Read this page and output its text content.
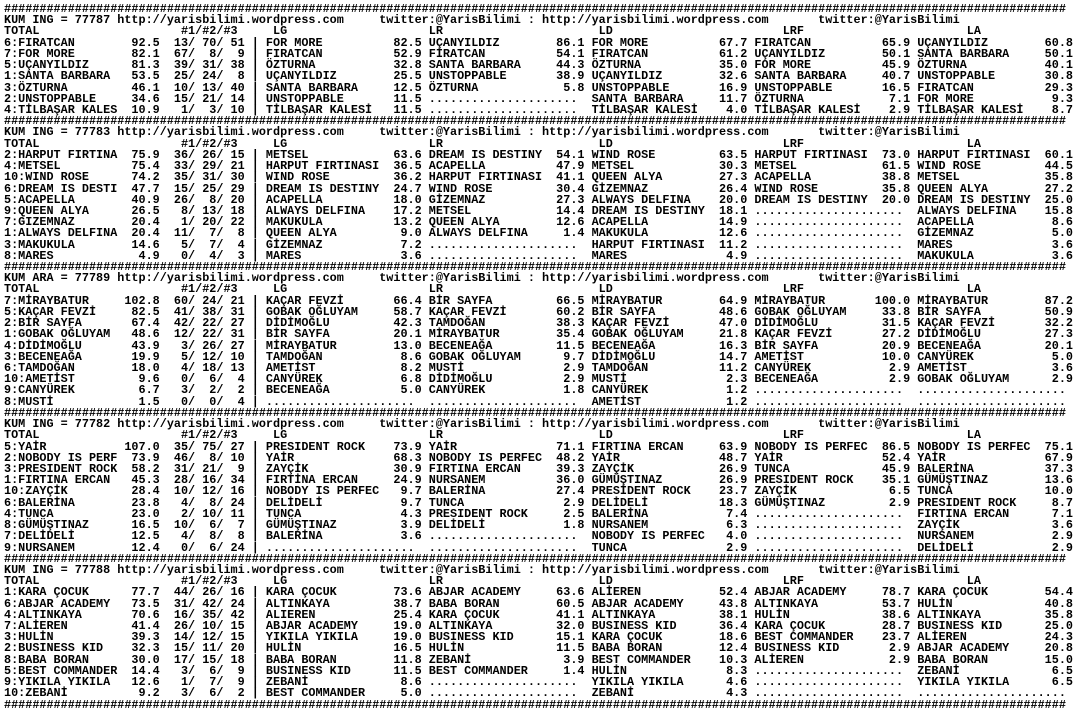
######################################################################################################################################################
KUM ING = 77787 http://yarisbilimi.wordpress.com     twitter:@YarisBilimi : http://yarisbilimi.wordpress.com       twitter:@YarisBilimi
TOTAL                    #1/#2/#3     LG                    LR                      LD                        LRF                       LA
6:FIRATCAN        92.5  13/ 70/ 51 | FOR MORE          82.5 UÇANYILDIZ        86.1 FOR MORE          67.7 FIRATCAN          65.9 UÇANYILDIZ        60.8
7:FOR MORE        82.1  67/  8/  9 | FIRATCAN          52.9 FİRATCAN          54.1 FIRATCAN          61.2 UÇANYILDIZ        50.1 SANTA BARBARA     50.1
5:UÇANYILDIZ      81.3  39/ 31/ 38 | ÖZTURNA           32.8 SANTA BARBARA     44.3 ÖZTURNA           35.0 FOR MORE          45.9 ÖZTURNA           40.1
1:SANTA BARBARA   53.5  25/ 24/  8 | UÇANYILDIZ        25.5 UNSTOPPABLE       38.9 UÇANYILDIZ        32.6 SANTA BARBARA     40.7 UNSTOPPABLE       30.8
3:ÖZTURNA         46.1  10/ 13/ 40 | SANTA BARBARA     12.5 ÖZTURNA            5.8 UNSTOPPABLE       16.9 UNSTOPPABLE       16.5 FIRATCAN          29.3
2:UNSTOPPABLE     34.6  15/ 21/ 14 | UNSTOPPABLE       11.5 .....................  SANTA BARBARA     11.7 ÖZTURNA            7.1 FOR MORE           9.3
4:TİLBAŞAR KALES  10.9   1/  3/ 10 | TİLBAŞAR KALESİ   11.5 .....................  TİLBAŞAR KALESİ    4.0 TİLBAŞAR KALESİ    2.9 TİLBAŞAR KALESİ    8.7
######################################################################################################################################################
KUM ING = 77783 http://yarisbilimi.wordpress.com     twitter:@YarisBilimi : http://yarisbilimi.wordpress.com       twitter:@YarisBilimi
TOTAL                    #1/#2/#3     LG                    LR                      LD                        LRF                       LA
2:HARPUT FIRTINA  75.9  36/ 26/ 15 | METSEL            63.6 DREAM IS DESTINY  54.1 WIND ROSE         63.5 HARPUT FIRTINASI  73.0 HARPUT FIRTINASI  60.1
4:METSEL          75.4  33/ 29/ 21 | HARPUT FIRTINASI  36.5 ACAPELLA          47.9 METSEL            30.3 METSEL            61.5 WIND ROSE         44.5
10:WIND ROSE      74.2  35/ 31/ 30 | WIND ROSE         36.2 HARPUT FIRTINASI  41.1 QUEEN ALYA        27.3 ACAPELLA          38.8 METSEL            35.8
6:DREAM IS DESTI  47.7  15/ 25/ 29 | DREAM IS DESTINY  24.7 WIND ROSE         30.4 GİZEMNAZ          26.4 WIND ROSE         35.8 QUEEN ALYA        27.2
5:ACAPELLA        40.9  26/  8/ 20 | ACAPELLA          18.0 GİZEMNAZ          27.3 ALWAYS DELFINA    20.0 DREAM IS DESTINY  20.0 DREAM IS DESTINY  25.0
9:QUEEN ALYA      26.5   8/ 13/ 18 | ALWAYS DELFINA    17.2 METSEL            14.4 DREAM IS DESTINY  18.1 .....................  ALWAYS DELFINA    15.8
7:GIZEMNAZ        20.4   1/ 20/ 22 | MAKUKULA          13.2 QUEEN ALYA        12.6 ACAPELLA          14.9 .....................  ACAPELLA           8.6
1:ALWAYS DELFINA  20.4  11/  7/  8 | QUEEN ALYA         9.0 ALWAYS DELFINA     1.4 MAKUKULA          12.6 .....................  GİZEMNAZ           5.0
3:MAKUKULA        14.6   5/  7/  4 | GİZEMNAZ           7.2 .....................  HARPUT FIRTINASI  11.2 .....................  MARES              3.6
8:MARES            4.9   0/  4/  3 | MARES              3.6 .....................  MARES              4.9 .....................  MAKUKULA           3.6
######################################################################################################################################################
KUM ARA = 77789 http://yarisbilimi.wordpress.com     twitter:@YarisBilimi : http://yarisbilimi.wordpress.com       twitter:@YarisBilimi
TOTAL                    #1/#2/#3     LG                    LR                      LD                        LRF                       LA
7:MİRAYBATUR     102.8  60/ 24/ 21 | KAÇAR FEVZİ       66.4 BİR SAYFA         66.5 MİRAYBATUR        64.9 MİRAYBATUR       100.0 MİRAYBATUR        87.2
5:KAÇAR FEVZİ     82.5  41/ 38/ 31 | GOBAK OĞLUYAM     58.7 KAÇAR FEVZİ       60.2 BİR SAYFA         48.6 GOBAK OĞLUYAM     33.8 BİR SAYFA         50.9
2:BİR SAYFA       67.4  42/ 22/ 27 | DİDİMOĞLU         42.3 TAMDOĞAN          38.3 KAÇAR FEVZİ       47.0 DİDİMOĞLU         31.5 KAÇAR FEVZİ       32.2
1:GOBAK OĞLUYAM   48.6  12/ 22/ 31 | BİR SAYFA         20.1 MİRAYBATUR        35.4 GOBAK OĞLUYAM     21.8 KAÇAR FEVZİ       27.2 DİDİMOĞLU         27.3
4:DİDİMOĞLU       43.9   3/ 26/ 27 | MİRAYBATUR        13.0 BECENEAĞA         11.5 BECENEAĞA         16.3 BİR SAYFA         20.9 BECENEAĞA         20.1
3:BECENEAĞA       19.9   5/ 12/ 10 | TAMDOĞAN           8.6 GOBAK OĞLUYAM      9.7 DİDİMOĞLU         14.7 AMETİST           10.0 CANYÜREK           5.0
6:TAMDOĞAN        18.0   4/ 18/ 13 | AMETİST            8.2 MUSTİ              2.9 TAMDOĞAN          11.2 CANYÜREK           2.9 AMETİST            3.6
10:AMETİST         9.6   0/  6/  4 | CANYÜREK           6.8 DİDİMOĞLU          2.9 MUSTİ              2.3 BECENEAĞA          2.9 GOBAK OĞLUYAM      2.9
9:CANYÜREK         6.7   3/  2/  2 | BECENEAĞA          5.0 CANYÜREK           1.8 CANYÜREK           1.2 .....................  .....................
8:MUSTİ            1.5   0/  0/  4 | .....................  .....................  AMETİST            1.2 .....................  .....................
######################################################################################################################################################
KUM ING = 77782 http://yarisbilimi.wordpress.com     twitter:@YarisBilimi : http://yarisbilimi.wordpress.com       twitter:@YarisBilimi
TOTAL                    #1/#2/#3     LG                    LR                      LD                        LRF                       LA
5:YAİR           107.0  35/ 75/ 27 | PRESIDENT ROCK    73.9 YAİR              71.1 FIRTINA ERCAN     63.9 NOBODY IS PERFEC  86.5 NOBODY IS PERFEC  75.1
2:NOBODY IS PERF  73.9  46/  8/ 10 | YAİR              68.3 NOBODY IS PERFEC  48.2 YAİR              48.7 YAİR              52.4 YAİR              67.9
3:PRESIDENT ROCK  58.2  31/ 21/  9 | ZAYÇİK            30.9 FIRTINA ERCAN     39.3 ZAYÇİK            26.9 TUNCA             45.9 BALERİNA          37.3
1:FIRTINA ERCAN   45.3  28/ 16/ 34 | FIRTİNA ERCAN     24.9 NURSANEM          36.0 GÜMÜŞTINAZ        26.9 PRESIDENT ROCK    35.1 GÜMÜŞTINAZ        13.6
10:ZAYÇİK         28.4  10/ 12/ 16 | NOBODY IS PERFEC   9.7 BALERİNA          27.4 PRESİDENT ROCK    23.7 ZAYÇİK             6.5 TUNCA             10.0
6:BALERİNA        23.8   4/  8/ 24 | DELİDELİ           9.7 TUNCA              2.9 DELİDELİ          18.3 GÜMÜŞTINAZ         2.9 PRESIDENT ROCK     8.7
4:TUNCA           23.0   2/ 10/ 11 | TUNCA              4.3 PRESIDENT ROCK     2.5 BALERİNA           7.4 .....................  FIRTINA ERCAN      7.1
8:GÜMÜŞTINAZ      16.5  10/  6/  7 | GÜMÜŞTINAZ         3.9 DELİDELİ           1.8 NURSANEM           6.3 .....................  ZAYÇİK             3.6
7:DELİDELİ        12.5   4/  8/  8 | BALERİNA           3.6 .....................  NOBODY IS PERFEC   4.0 .....................  NURSANEM           2.9
9:NURSANEM        12.4   0/  6/ 24 | .....................  .....................  TUNCA              2.9 .....................  DELİDELİ           2.9
######################################################################################################################################################
KUM ING = 77788 http://yarisbilimi.wordpress.com     twitter:@YarisBilimi : http://yarisbilimi.wordpress.com       twitter:@YarisBilimi
TOTAL                    #1/#2/#3     LG                    LR                      LD                        LRF                       LA
1:KARA ÇOCUK      77.7  44/ 26/ 16 | KARA ÇOCUK        73.6 ABJAR ACADEMY     63.6 ALİEREN           52.4 ABJAR ACADEMY     78.7 KARA ÇOCUK        54.4
6:ABJAR ACADEMY   73.5  31/ 42/ 24 | ALTINKAYA         38.7 BABA BORAN        60.5 ABJAR ACADEMY     43.8 ALTINKAYA         53.7 HULİN             40.8
4:ALTINKAYA       70.6  16/ 35/ 42 | ALIEREN           25.4 KARA ÇOCUK        41.1 ALTINKAYA         38.1 HULİN             38.6 ALTINKAYA         35.8
7:ALİEREN         41.4  26/ 10/ 15 | ABJAR ACADEMY     19.0 ALTINKAYA         32.0 BUSINESS KID      36.4 KARA ÇOCUK        28.7 BUSINESS KID      25.0
3:HULİN           39.3  14/ 12/ 15 | YIKILA YIKILA     19.0 BUSINESS KID      15.1 KARA ÇOCUK        18.6 BEST COMMANDER    23.7 ALİEREN           24.3
2:BUSINESS KID    32.3  15/ 11/ 20 | HULİN             16.5 HULİN             11.5 BABA BORAN        12.4 BUSINESS KID       2.9 ABJAR ACADEMY     20.8
8:BABA BORAN      30.0  17/ 15/ 18 | BABA BORAN        11.8 ZEBANİ             3.9 BEST COMMANDER    10.3 ALİEREN            2.9 BABA BORAN        15.0
5:BEST COMMANDER  14.4   3/  6/  9 | BUSINESS KID      11.5 BEST COMMANDER     1.4 HULİN              8.3 .....................  ZEBANİ             6.5
9:YIKILA YIKILA   12.6   1/  7/  9 | ZEBANİ             8.6 .....................  YIKILA YIKILA      4.6 .....................  YIKILA YIKILA      6.5
10:ZEBANİ          9.2   3/  6/  2 | BEST COMMANDER     5.0 .....................  ZEBANİ             4.3 .....................  .....................
######################################################################################################################################################
